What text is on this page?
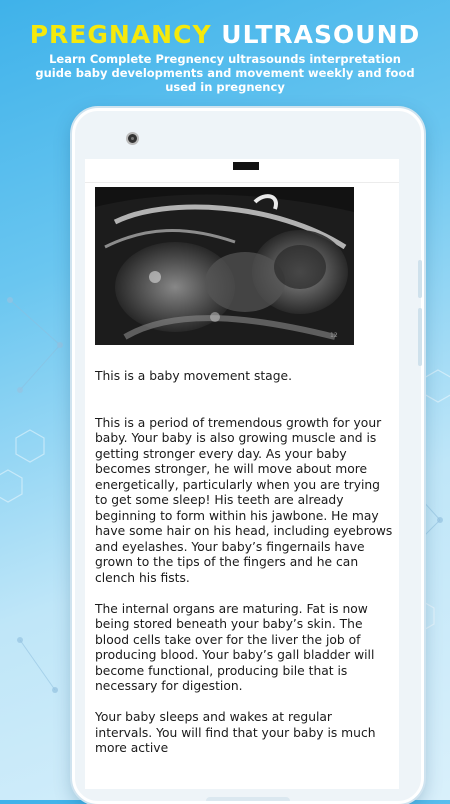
PREGNANCY ULTRASOUND
Learn Complete Pregnency ultrasounds interpretation guide baby developments and movement weekly and food used in pregnency
12

This is a baby movement stage.

This is a period of tremendous growth for your baby. Your baby is also growing muscle and is getting stronger every day. As your baby becomes stronger, he will move about more energetically, particularly when you are trying to get some sleep! His teeth are already beginning to form within his jawbone. He may have some hair on his head, including eyebrows and eyelashes. Your baby’s fingernails have grown to the tips of the fingers and he can clench his fists.

The internal organs are maturing. Fat is now being stored beneath your baby’s skin. The blood cells take over for the liver the job of producing blood. Your baby’s gall bladder will become functional, producing bile that is necessary for digestion.

Your baby sleeps and wakes at regular intervals. You will find that your baby is much more active
